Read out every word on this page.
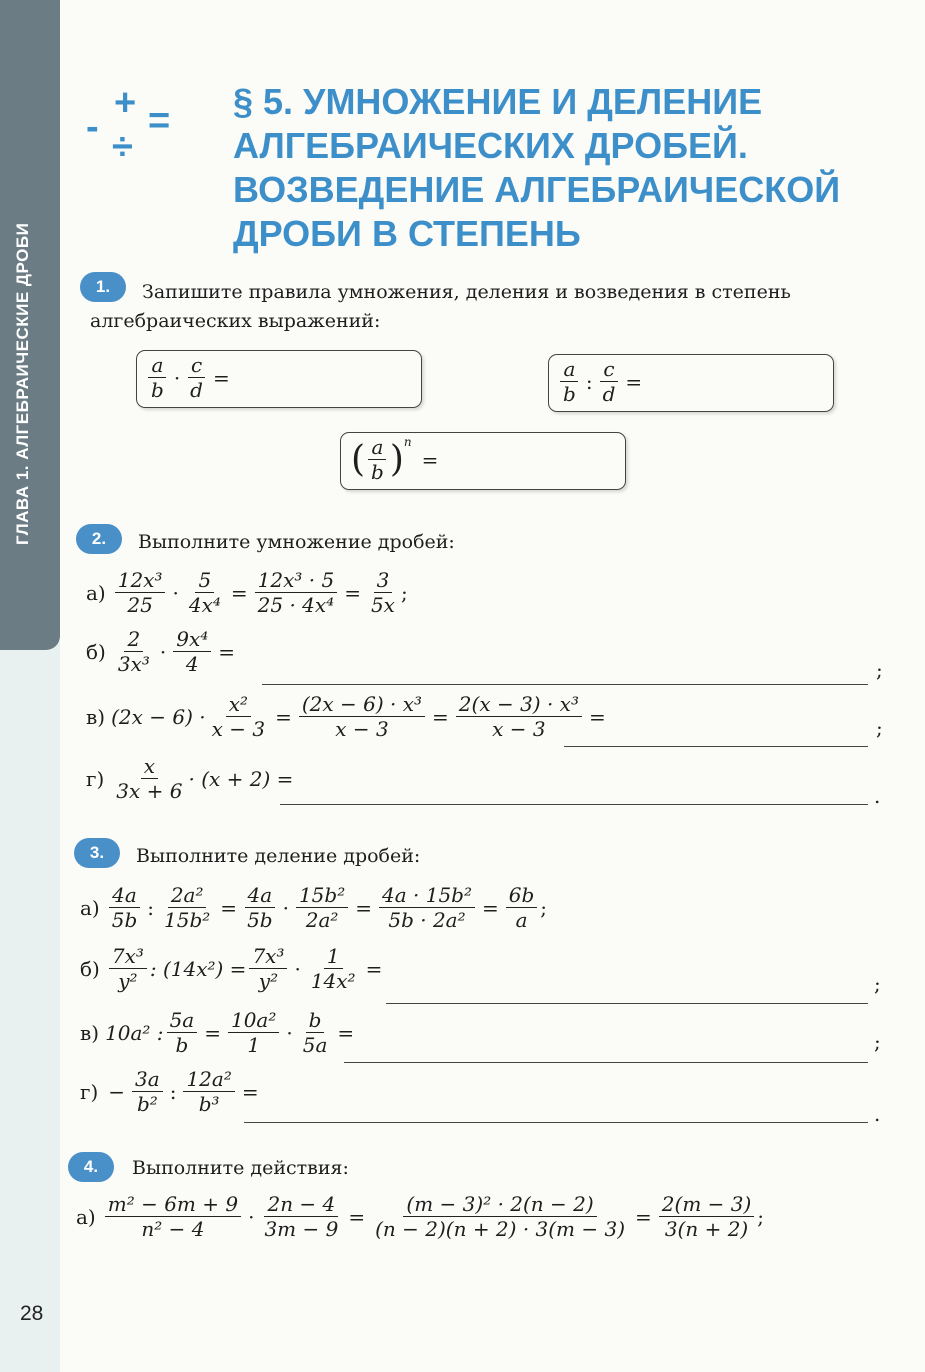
ГЛАВА 1. АЛГЕБРАИЧЕСКИЕ ДРОБИ
28
-
+ =
÷
§ 5. УМНОЖЕНИЕ И ДЕЛЕНИЕ
АЛГЕБРАИЧЕСКИХ ДРОБЕЙ.
ВОЗВЕДЕНИЕ АЛГЕБРАИЧЕСКОЙ
ДРОБИ В СТЕПЕНЬ
1.	Запишите правила умножения, деления и возведения в степень
алгебраических выражений:
$\frac{a}{b} \cdot \frac{c}{d}$ =	$\frac{a}{b}$ : $\frac{c}{d}$ =
( $\frac{a}{b} )^n$
=
2.	Выполните умножение дробей:
$а) \frac{\text{12x³}}{25} \cdot \frac{5}{\text{4x⁴}} = \frac{\text{12x³ · 5}}{\text{25 · 4x⁴}} = \frac{3}{5x}$ ;
$б) \frac{2}{\text{3x³}} \cdot \frac{\text{9x⁴}}{4}$ =
;
в) $(2x - 6) \cdot \frac{\text{x²}}{x - 3} = \frac{\text{(2x − 6) · x³}}{x - 3} = \frac{\text{2(x − 3) · x³}}{x - 3}$ =	;
$г) \frac{x}{3x + 6} \cdot (x + 2)$ =
.
3.	Выполните деление дробей:
$а) \frac{4a}{5b}$ : $\frac{\text{2a²}}{\text{15b²}} = \frac{4a}{5b} \cdot \frac{\text{15b²}}{\text{2a²}} = \frac{\text{4a · 15b²}}{\text{5b · 2a²}} = \frac{6b}{a}$ ;
$б) \frac{\text{7x³}}{\text{y²}}$ : $(14x^2) = \frac{\text{7x³}}{\text{y²}} \cdot \frac{1}{\text{14x²}}$ =
;
в) 10a² : $\frac{5a}{b} = \frac{\text{10a²}}{1} \cdot \frac{b}{5a}$ =	;
$г) - \frac{3a}{\text{b²}}$ : $\frac{\text{12a²}}{\text{b³}}$ =
.
4.	Выполните действия:
$а) \frac{\text{m² − 6m + 9}}{\text{n² − 4}} \cdot \frac{2n - 4}{3m - 9} = \frac{\text{(m − 3)² · 2(n − 2)}}{(n - 2)(n + 2) \cdot 3(m - 3)} = \frac{2(m - 3)}{3(n + 2)}$ ;
